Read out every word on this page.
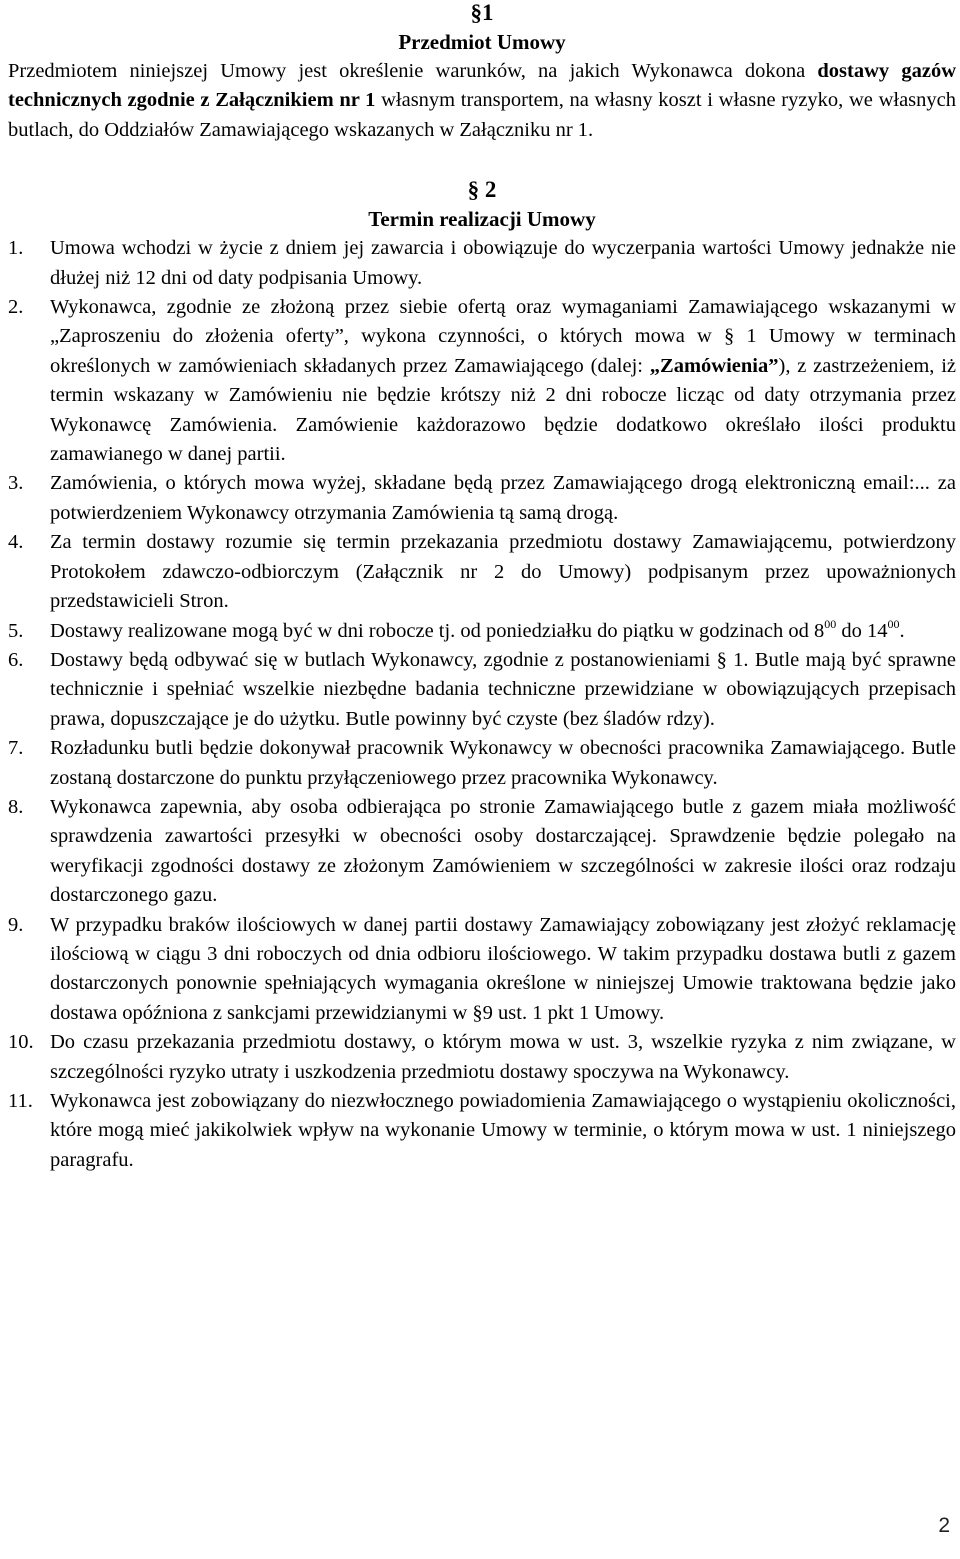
§1
Przedmiot Umowy
Przedmiotem niniejszej Umowy jest określenie warunków, na jakich Wykonawca dokona dostawy gazów technicznych zgodnie z Załącznikiem nr 1 własnym transportem, na własny koszt i własne ryzyko, we własnych butlach, do Oddziałów Zamawiającego wskazanych w Załączniku nr 1.
§ 2
Termin realizacji Umowy
1.	Umowa wchodzi w życie z dniem jej zawarcia i obowiązuje do wyczerpania wartości Umowy jednakże nie dłużej niż 12 dni od daty podpisania Umowy.
2.	Wykonawca, zgodnie ze złożoną przez siebie ofertą oraz wymaganiami Zamawiającego wskazanymi w „Zaproszeniu do złożenia oferty”, wykona czynności, o których mowa w § 1 Umowy w terminach określonych w zamówieniach składanych przez Zamawiającego (dalej: „Zamówienia”), z zastrzeżeniem, iż termin wskazany w Zamówieniu nie będzie krótszy niż 2 dni robocze licząc od daty otrzymania przez Wykonawcę Zamówienia. Zamówienie każdorazowo będzie dodatkowo określało ilości produktu zamawianego w danej partii.
3.	Zamówienia, o których mowa wyżej, składane będą przez Zamawiającego drogą elektroniczną email:... za potwierdzeniem Wykonawcy otrzymania Zamówienia tą samą drogą.
4.	Za termin dostawy rozumie się termin przekazania przedmiotu dostawy Zamawiającemu, potwierdzony Protokołem zdawczo-odbiorczym (Załącznik nr 2 do Umowy) podpisanym przez upoważnionych przedstawicieli Stron.
5.	Dostawy realizowane mogą być w dni robocze tj. od poniedziałku do piątku w godzinach od $8^{00}$ do $14^{00}$.
6.	Dostawy będą odbywać się w butlach Wykonawcy, zgodnie z postanowieniami § 1. Butle mają być sprawne technicznie i spełniać wszelkie niezbędne badania techniczne przewidziane w obowiązujących przepisach prawa, dopuszczające je do użytku. Butle powinny być czyste (bez śladów rdzy).
7.	Rozładunku butli będzie dokonywał pracownik Wykonawcy w obecności pracownika Zamawiającego. Butle zostaną dostarczone do punktu przyłączeniowego przez pracownika Wykonawcy.
8.	Wykonawca zapewnia, aby osoba odbierająca po stronie Zamawiającego butle z gazem miała możliwość sprawdzenia zawartości przesyłki w obecności osoby dostarczającej. Sprawdzenie będzie polegało na weryfikacji zgodności dostawy ze złożonym Zamówieniem w szczególności w zakresie ilości oraz rodzaju dostarczonego gazu.
9.	W przypadku braków ilościowych w danej partii dostawy Zamawiający zobowiązany jest złożyć reklamację ilościową w ciągu 3 dni roboczych od dnia odbioru ilościowego. W takim przypadku dostawa butli z gazem dostarczonych ponownie spełniających wymagania określone w niniejszej Umowie traktowana będzie jako dostawa opóźniona z sankcjami przewidzianymi w §9 ust. 1 pkt 1 Umowy.
10. Do czasu przekazania przedmiotu dostawy, o którym mowa w ust. 3, wszelkie ryzyka z nim związane, w szczególności ryzyko utraty i uszkodzenia przedmiotu dostawy spoczywa na Wykonawcy.
11. Wykonawca jest zobowiązany do niezwłocznego powiadomienia Zamawiającego o wystąpieniu okoliczności, które mogą mieć jakikolwiek wpływ na wykonanie Umowy w terminie, o którym mowa w ust. 1 niniejszego paragrafu.
2
